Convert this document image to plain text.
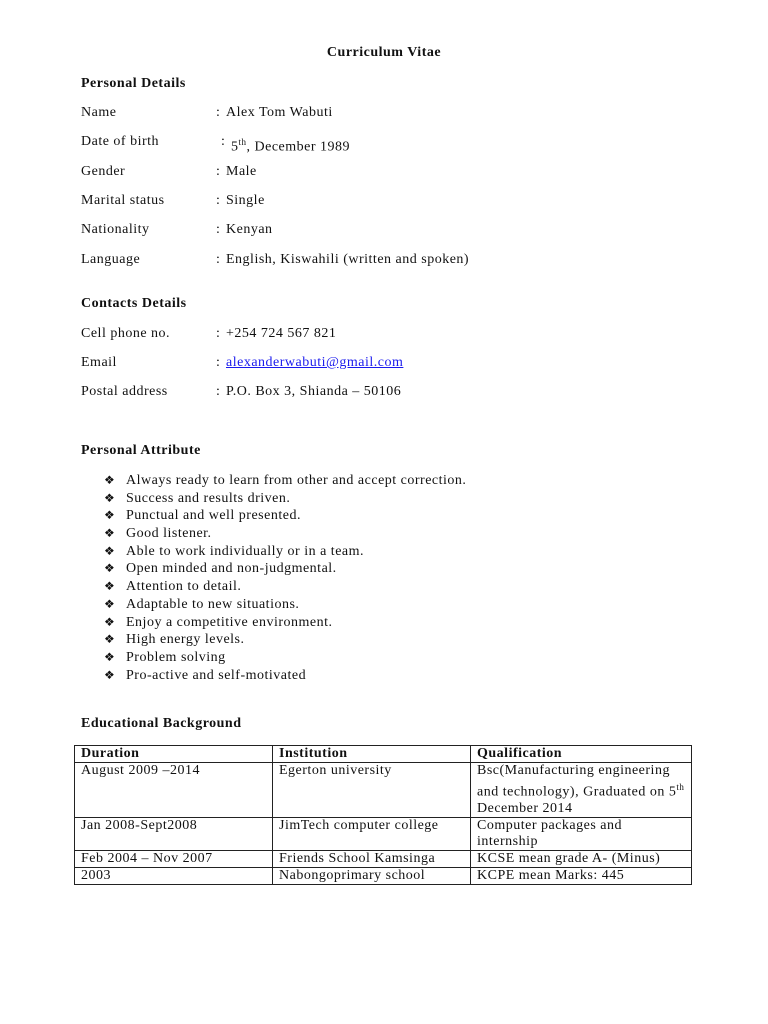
Curriculum Vitae
Personal Details
Name	: Alex Tom Wabuti
Date of birth	: 5th, December 1989
Gender	: Male
Marital status	: Single
Nationality	: Kenyan
Language	: English, Kiswahili (written and spoken)
Contacts Details
Cell phone no.	: +254 724 567 821
Email	: alexanderwabuti@gmail.com
Postal address	: P.O. Box 3, Shianda – 50106
Personal Attribute
❖ Always ready to learn from other and accept correction.
❖ Success and results driven.
❖ Punctual and well presented.
❖ Good listener.
❖ Able to work individually or in a team.
❖ Open minded and non-judgmental.
❖ Attention to detail.
❖ Adaptable to new situations.
❖ Enjoy a competitive environment.
❖ High energy levels.
❖ Problem solving
❖ Pro-active and self-motivated
Educational Background
Duration	Institution	Qualification
August 2009 –2014	Egerton university	Bsc(Manufacturing engineering and technology), Graduated on 5th December 2014
Jan 2008-Sept2008	JimTech computer college	Computer packages and internship
Feb 2004 – Nov 2007	Friends School Kamsinga	KCSE mean grade A- (Minus)
2003	Nabongoprimary school	KCPE mean Marks: 445
